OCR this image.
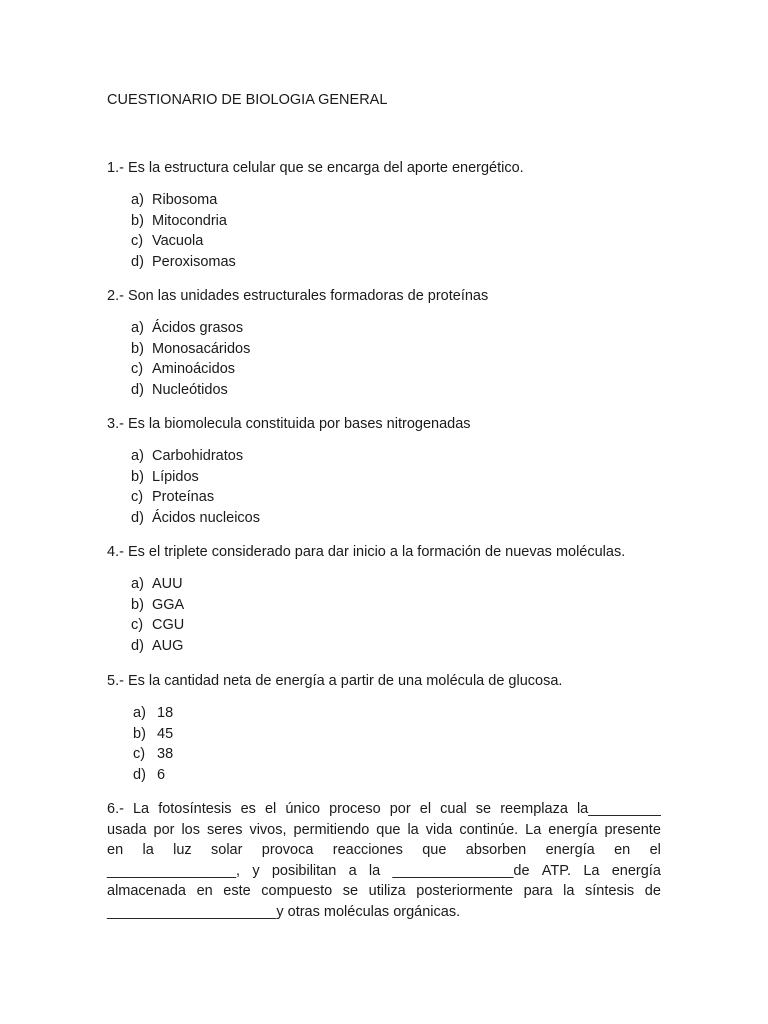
CUESTIONARIO DE BIOLOGIA GENERAL
1.- Es la estructura celular que se encarga del aporte energético.
a) Ribosoma
b) Mitocondria
c) Vacuola
d) Peroxisomas
2.- Son las unidades estructurales formadoras de proteínas
a) Ácidos grasos
b) Monosacáridos
c) Aminoácidos
d) Nucleótidos
3.- Es la biomolecula constituida por bases nitrogenadas
a) Carbohidratos
b) Lípidos
c) Proteínas
d) Ácidos nucleicos
4.- Es el triplete considerado para dar inicio a la formación de nuevas moléculas.
a) AUU
b) GGA
c) CGU
d) AUG
5.- Es la cantidad neta de energía a partir de una molécula de glucosa.
a) 18
b) 45
c) 38
d) 6
6.- La fotosíntesis es el único proceso por el cual se reemplaza la_________
usada por los seres vivos, permitiendo que la vida continúe. La energía presente
en la luz solar provoca reacciones que absorben energía en el
________________, y posibilitan a la _______________de ATP. La energía
almacenada en este compuesto se utiliza posteriormente para la síntesis de
_____________________y otras moléculas orgánicas.
